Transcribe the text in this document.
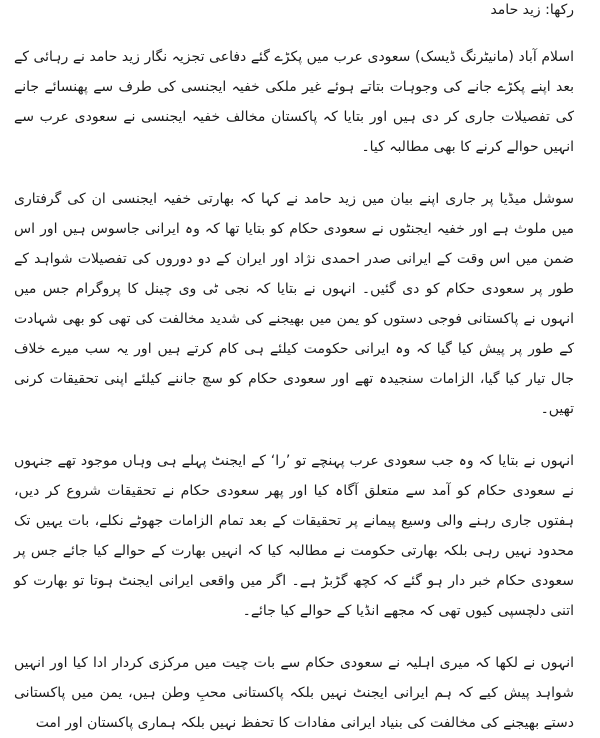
رکھا: زید حامد

اسلام آباد (مانیٹرنگ ڈیسک) سعودی عرب میں پکڑے گئے دفاعی تجزیہ نگار زید حامد نے رہائی کے بعد اپنے پکڑے جانے کی وجوہات بتاتے ہوئے غیر ملکی خفیہ ایجنسی کی طرف سے پھنسائے جانے کی تفصیلات جاری کر دی ہیں اور بتایا کہ پاکستان مخالف خفیہ ایجنسی نے سعودی عرب سے انہیں حوالے کرنے کا بھی مطالبہ کیا۔

سوشل میڈیا پر جاری اپنے بیان میں زید حامد نے کہا کہ بھارتی خفیہ ایجنسی ان کی گرفتاری میں ملوث ہے اور خفیہ ایجنٹوں نے سعودی حکام کو بتایا تھا کہ وہ ایرانی جاسوس ہیں اور اس ضمن میں اس وقت کے ایرانی صدر احمدی نژاد اور ایران کے دو دوروں کی تفصیلات شواہد کے طور پر سعودی حکام کو دی گئیں۔ انہوں نے بتایا کہ نجی ٹی وی چینل کا پروگرام جس میں انہوں نے پاکستانی فوجی دستوں کو یمن میں بھیجنے کی شدید مخالفت کی تھی کو بھی شہادت کے طور پر پیش کیا گیا کہ وہ ایرانی حکومت کیلئے ہی کام کرتے ہیں اور یہ سب میرے خلاف جال تیار کیا گیا، الزامات سنجیدہ تھے اور سعودی حکام کو سچ جاننے کیلئے اپنی تحقیقات کرنی تھیں۔

انہوں نے بتایا کہ وہ جب سعودی عرب پہنچے تو ’را‘ کے ایجنٹ پہلے ہی وہاں موجود تھے جنہوں نے سعودی حکام کو آمد سے متعلق آگاہ کیا اور پھر سعودی حکام نے تحقیقات شروع کر دیں، ہفتوں جاری رہنے والی وسیع پیمانے پر تحقیقات کے بعد تمام الزامات جھوٹے نکلے، بات یہیں تک محدود نہیں رہی بلکہ بھارتی حکومت نے مطالبہ کیا کہ انہیں بھارت کے حوالے کیا جائے جس پر سعودی حکام خبر دار ہو گئے کہ کچھ گڑبڑ ہے۔ اگر میں واقعی ایرانی ایجنٹ ہوتا تو بھارت کو اتنی دلچسپی کیوں تھی کہ مجھے انڈیا کے حوالے کیا جائے۔

انہوں نے لکھا کہ میری اہلیہ نے سعودی حکام سے بات چیت میں مرکزی کردار ادا کیا اور انہیں شواہد پیش کیے کہ ہم ایرانی ایجنٹ نہیں بلکہ پاکستانی محبِ وطن ہیں، یمن میں پاکستانی دستے بھیجنے کی مخالفت کی بنیاد ایرانی مفادات کا تحفظ نہیں بلکہ ہماری پاکستان اور امت
